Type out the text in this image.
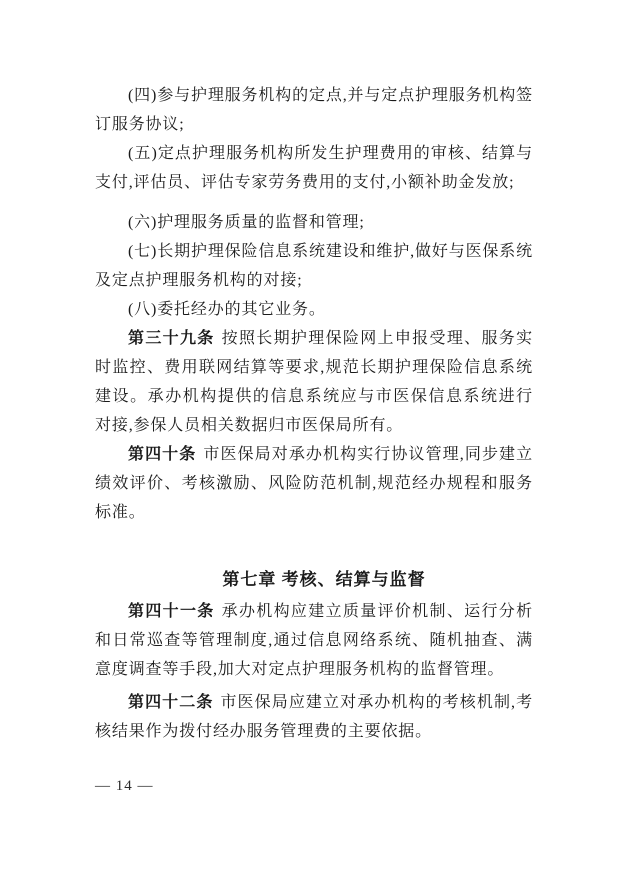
(四)参与护理服务机构的定点,并与定点护理服务机构签订服务协议;

(五)定点护理服务机构所发生护理费用的审核、结算与支付,评估员、评估专家劳务费用的支付,小额补助金发放;

(六)护理服务质量的监督和管理;

(七)长期护理保险信息系统建设和维护,做好与医保系统及定点护理服务机构的对接;

(八)委托经办的其它业务。

第三十九条 按照长期护理保险网上申报受理、服务实时监控、费用联网结算等要求,规范长期护理保险信息系统建设。承办机构提供的信息系统应与市医保信息系统进行对接,参保人员相关数据归市医保局所有。

第四十条 市医保局对承办机构实行协议管理,同步建立绩效评价、考核激励、风险防范机制,规范经办规程和服务标准。

第七章 考核、结算与监督

第四十一条 承办机构应建立质量评价机制、运行分析和日常巡查等管理制度,通过信息网络系统、随机抽查、满意度调查等手段,加大对定点护理服务机构的监督管理。

第四十二条 市医保局应建立对承办机构的考核机制,考核结果作为拨付经办服务管理费的主要依据。

— 14 —
